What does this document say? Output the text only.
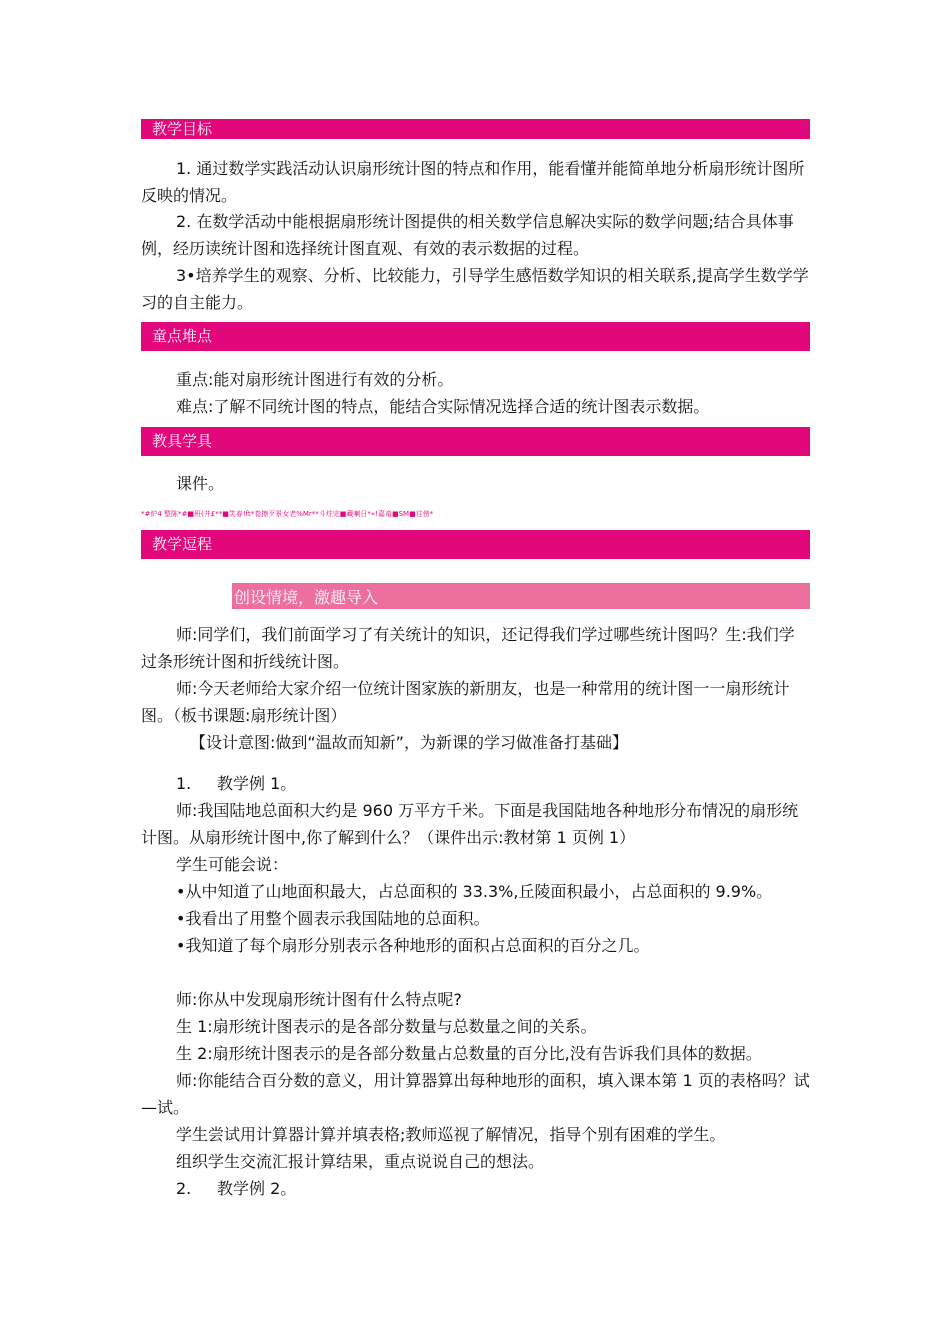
教学目标

1. 通过数学实践活动认识扇形统计图的特点和作用，能看懂并能简单地分析扇形统计图所反映的情况。

2. 在数学活动中能根据扇形统计图提供的相关数学信息解决实际的数学问题;结合具体事例，经历读统计图和选择统计图直观、有效的表示数据的过程。

3•培养学生的观察、分析、比较能力，引导学生感悟数学知识的相关联系,提高学生数学学习的自主能力。

童点堆点

重点:能对扇形统计图进行有效的分析。

难点:了解不同统计图的特点，能结合实际情况选择合适的统计图表示数据。

教具学具

课件。

*#炉4 整陈*#■班(井£**■笑春!ft*卷擦歹景女老%Mr**斗炷完■藏喇日*«!嘉竜■SM■往傍*
教学逗程
创设情境，激趣导入

师:同学们，我们前面学习了有关统计的知识，还记得我们学过哪些统计图吗？生:我们学过条形统计图和折线统计图。

师:今天老师给大家介绍一位统计图家族的新朋友，也是一种常用的统计图一一扇形统计图。（板书课题:扇形统计图）

【设计意图:做到“温故而知新”，为新课的学习做准备打基础】

1. 教学例 1。

师:我国陆地总面积大约是 960 万平方千米。下面是我国陆地各种地形分布情况的扇形统计图。从扇形统计图中,你了解到什么？（课件出示:教材第 1 页例 1）

学生可能会说：

•从中知道了山地面积最大，占总面积的 33.3%,丘陵面积最小，占总面积的 9.9%。

•我看出了用整个圆表示我国陆地的总面积。

•我知道了每个扇形分别表示各种地形的面积占总面积的百分之几。

师:你从中发现扇形统计图有什么特点呢?

生 1:扇形统计图表示的是各部分数量与总数量之间的关系。

生 2:扇形统计图表示的是各部分数量占总数量的百分比,没有告诉我们具体的数据。

师:你能结合百分数的意义，用计算器算出每种地形的面积，填入课本第 1 页的表格吗？试—试。

学生尝试用计算器计算并填表格;教师巡视了解情况，指导个别有困难的学生。

组织学生交流汇报计算结果，重点说说自己的想法。

2. 教学例 2。
